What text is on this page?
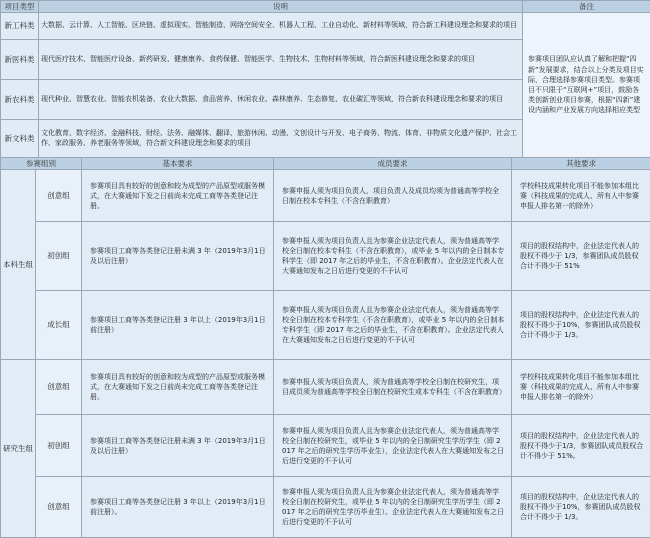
项目类型	说明	备注
新工科类	大数据、云计算、人工智能、区块链、虚拟现实、智能制造、网络空间安全、机器人工程、工业自动化、新材料等领域，符合新工科建设理念和要求的项目	参赛项目团队应认真了解和把握“四新”发展要求，结合以上分类及项目实际，合理选择参赛项目类型。参赛项目不只限于“互联网+”项目，鼓励各类创新创业项目参赛，根据“四新”建设内涵和产业发展方向选择相应类型
新医科类	现代医疗技术、智能医疗设备、新药研发、健康康养、食药保健、智能医学、生物技术、生物材料等领域，符合新医科建设理念和要求的项目	
新农科类	现代种业、智慧农业、智能农机装备、农业大数据、食品营养、休闲农业、森林康养、生态修复、农业碳汇等领域，符合新农科建设理念和要求的项目	
新文科类	文化教育、数字经济、金融科技、财经、法务、融媒体、翻译、旅游休闲、动漫、文创设计与开发、电子商务、物流、体育、非物质文化遗产保护、社会工作、家政服务、养老服务等领域，符合新文科建设理念和要求的项目	
参赛组别		基本要求	成员要求	其他要求
本科生组	创意组	参赛项目具有较好的创意和较为成型的产品原型或服务模式，在大赛通知下发之日前尚未完成工商等各类登记注册。	参赛申报人须为项目负责人，项目负责人及成员均须为普通高等学校全日制在校本专科生（不含在职教育）	学校科技成果转化项目不能参加本组比赛（科技成果的完成人、所有人中参赛申报人排名第一的除外）
	初创组	参赛项目工商等各类登记注册未满 3 年（2019年3月1日及以后注册）	参赛申报人须为项目负责人且为参赛企业法定代表人，须为普通高等学校全日制在校本专科生（不含在职教育），或毕业 5 年以内的全日制本专科学生（即 2017 年之后的毕业生，不含在职教育）。企业法定代表人在大赛通知发布之日后进行变更的不予认可	项目的股权结构中，企业法定代表人的股权不得少于 1/3，参赛团队成员股权合计不得少于 51%
	成长组	参赛项目工商等各类登记注册 3 年以上（2019年3月1日前注册）	参赛申报人须为项目负责人且为参赛企业法定代表人，须为普通高等学校全日制在校本专科学生（不含在职教育），或毕业 5 年以内的全日制本专科学生（即 2017 年之后的毕业生，不含在职教育）。企业法定代表人在大赛通知发布之日后进行变更的不予认可	项目的股权结构中，企业法定代表人的股权不得少于10%，参赛团队成员股权合计不得少于 1/3。
研究生组	创意组	参赛项目具有较好的创意和较为成型的产品原型或服务模式，在大赛通知下发之日前尚未完成工商等各类登记注册。	参赛申报人须为项目负责人，须为普通高等学校全日制在校研究生，项目成员须为普通高等学校全日制在校研究生或本专科生（不含在职教育）	学校科技成果转化项目不能参加本组比赛（科技成果的完成人、所有人中参赛申报人排名第一的除外）
	初创组	参赛项目工商等各类登记注册未满 3 年（2019年3月1日及以后注册）	参赛申报人须为项目负责人且为参赛企业法定代表人，须为普通高等学校全日制在校研究生，或毕业 5 年以内的全日制研究生学历学生（即 2017 年之后的研究生学历毕业生），企业法定代表人在大赛通知发布之日后进行变更的不予认可	项目的股权结构中，企业法定代表人的股权不得少于1/3，参赛团队成员股权合计不得少于 51%。
	创意组	参赛项目工商等各类登记注册 3 年以上（2019年3月1日前注册）。	参赛申报人须为项目负责人且为参赛企业法定代表人，须为普通高等学校全日制在校研究生，或毕业 5 年以内的全日制研究生学历学生（即 2017 年之后的研究生学历毕业生）。企业法定代表人在大赛通知发布之日后进行变更的不予认可	项目的股权结构中，企业法定代表人的股权不得少于10%，参赛团队成员股权合计不得少于 1/3。
